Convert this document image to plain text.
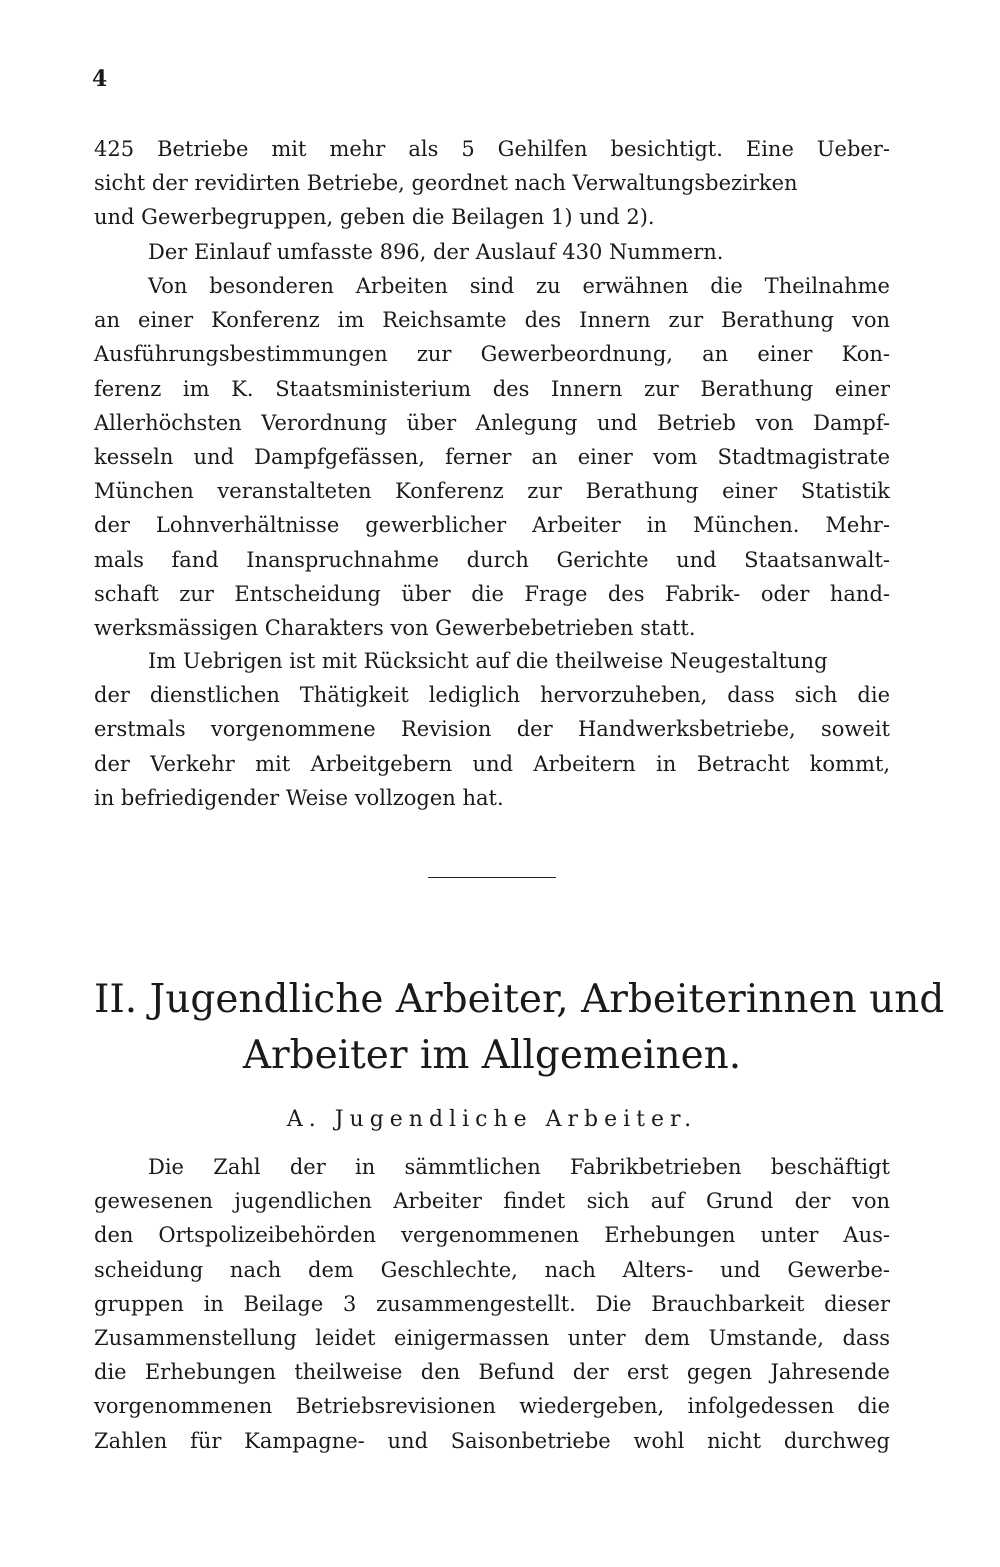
4
425 Betriebe mit mehr als 5 Gehilfen besichtigt. Eine Ueber-
sicht der revidirten Betriebe, geordnet nach Verwaltungsbezirken
und Gewerbegruppen, geben die Beilagen 1) und 2).
Der Einlauf umfasste 896, der Auslauf 430 Nummern.
Von besonderen Arbeiten sind zu erwähnen die Theilnahme
an einer Konferenz im Reichsamte des Innern zur Berathung von
Ausführungsbestimmungen zur Gewerbeordnung, an einer Kon-
ferenz im K. Staatsministerium des Innern zur Berathung einer
Allerhöchsten Verordnung über Anlegung und Betrieb von Dampf-
kesseln und Dampfgefässen, ferner an einer vom Stadtmagistrate
München veranstalteten Konferenz zur Berathung einer Statistik
der Lohnverhältnisse gewerblicher Arbeiter in München. Mehr-
mals fand Inanspruchnahme durch Gerichte und Staatsanwalt-
schaft zur Entscheidung über die Frage des Fabrik- oder hand-
werksmässigen Charakters von Gewerbebetrieben statt.
Im Uebrigen ist mit Rücksicht auf die theilweise Neugestaltung
der dienstlichen Thätigkeit lediglich hervorzuheben, dass sich die
erstmals vorgenommene Revision der Handwerksbetriebe, soweit
der Verkehr mit Arbeitgebern und Arbeitern in Betracht kommt,
in befriedigender Weise vollzogen hat.
II. Jugendliche Arbeiter, Arbeiterinnen und
Arbeiter im Allgemeinen.
A. Jugendliche Arbeiter.
Die Zahl der in sämmtlichen Fabrikbetrieben beschäftigt
gewesenen jugendlichen Arbeiter findet sich auf Grund der von
den Ortspolizeibehörden vergenommenen Erhebungen unter Aus-
scheidung nach dem Geschlechte, nach Alters- und Gewerbe-
gruppen in Beilage 3 zusammengestellt. Die Brauchbarkeit dieser
Zusammenstellung leidet einigermassen unter dem Umstande, dass
die Erhebungen theilweise den Befund der erst gegen Jahresende
vorgenommenen Betriebsrevisionen wiedergeben, infolgedessen die
Zahlen für Kampagne- und Saisonbetriebe wohl nicht durchweg
